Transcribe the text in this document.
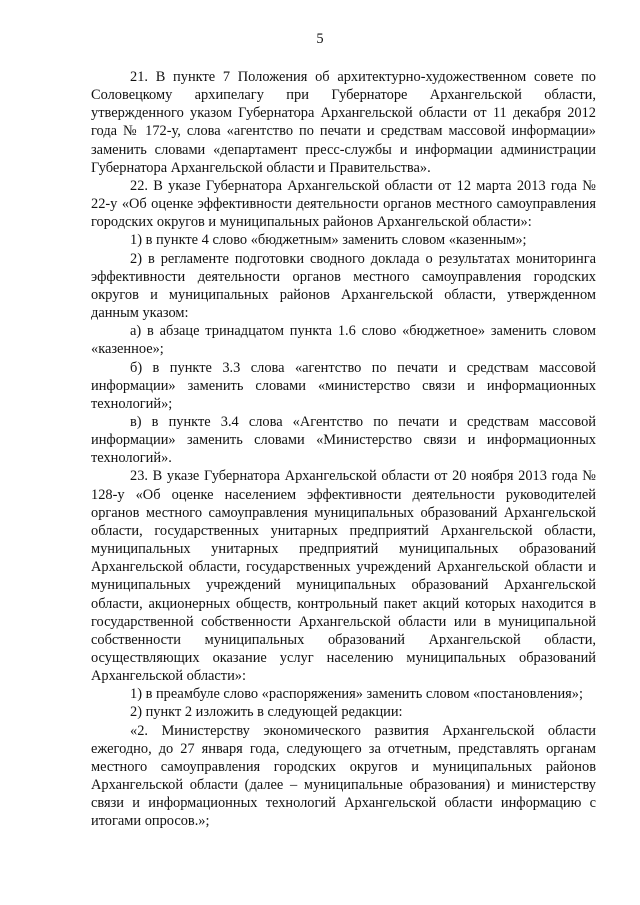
5

21. В пункте 7 Положения об архитектурно-художественном совете по Соловецкому архипелагу при Губернаторе Архангельской области, утвержденного указом Губернатора Архангельской области от 11 декабря 2012 года № 172-у, слова «агентство по печати и средствам массовой информации» заменить словами «департамент пресс-службы и информации администрации Губернатора Архангельской области и Правительства».

22. В указе Губернатора Архангельской области от 12 марта 2013 года № 22-у «Об оценке эффективности деятельности органов местного самоуправления городских округов и муниципальных районов Архангельской области»:

1) в пункте 4 слово «бюджетным» заменить словом «казенным»;

2) в регламенте подготовки сводного доклада о результатах мониторинга эффективности деятельности органов местного самоуправления городских округов и муниципальных районов Архангельской области, утвержденном данным указом:

а) в абзаце тринадцатом пункта 1.6 слово «бюджетное» заменить словом «казенное»;

б) в пункте 3.3 слова «агентство по печати и средствам массовой информации» заменить словами «министерство связи и информационных технологий»;

в) в пункте 3.4 слова «Агентство по печати и средствам массовой информации» заменить словами «Министерство связи и информационных технологий».

23. В указе Губернатора Архангельской области от 20 ноября 2013 года № 128-у «Об оценке населением эффективности деятельности руководителей органов местного самоуправления муниципальных образований Архангельской области, государственных унитарных предприятий Архангельской области, муниципальных унитарных предприятий муниципальных образований Архангельской области, государственных учреждений Архангельской области и муниципальных учреждений муниципальных образований Архангельской области, акционерных обществ, контрольный пакет акций которых находится в государственной собственности Архангельской области или в муниципальной собственности муниципальных образований Архангельской области, осуществляющих оказание услуг населению муниципальных образований Архангельской области»:

1) в преамбуле слово «распоряжения» заменить словом «постановления»;

2) пункт 2 изложить в следующей редакции:

«2. Министерству экономического развития Архангельской области ежегодно, до 27 января года, следующего за отчетным, представлять органам местного самоуправления городских округов и муниципальных районов Архангельской области (далее – муниципальные образования) и министерству связи и информационных технологий Архангельской области информацию с итогами опросов.»;
